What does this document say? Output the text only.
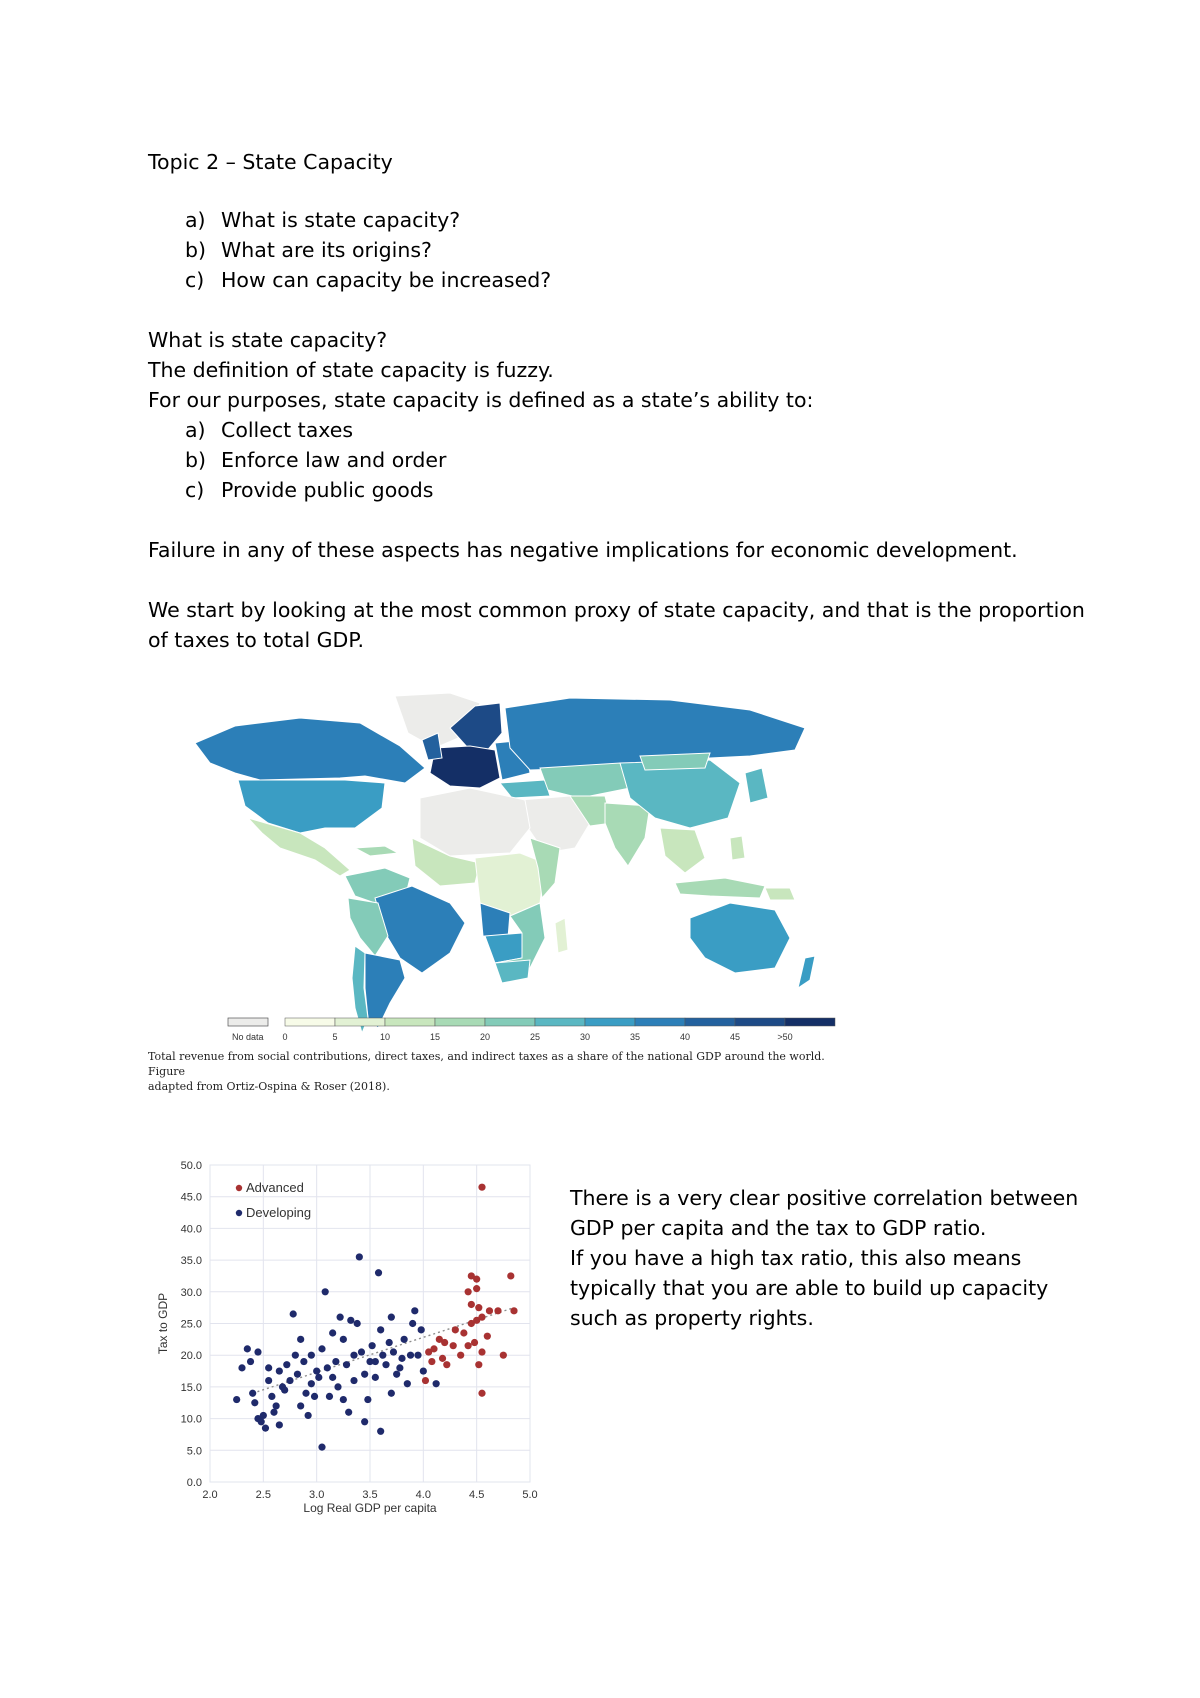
Topic 2 – State Capacity
a) What is state capacity?
b) What are its origins?
c) How can capacity be increased?
What is state capacity?
The definition of state capacity is fuzzy.
For our purposes, state capacity is defined as a state’s ability to:
a) Collect taxes
b) Enforce law and order
c) Provide public goods
Failure in any of these aspects has negative implications for economic development.
We start by looking at the most common proxy of state capacity, and that is the proportion
of taxes to total GDP.
No data 0	5	10	15	20	25	30	35	40	45	>50
Total revenue from social contributions, direct taxes, and indirect taxes as a share of the national GDP around the world. Figure
adapted from Ortiz-Ospina & Roser (2018).
0.0
5.0
10.0
15.0
20.0
25.0
30.0
35.0
40.0
45.0
50.0
2.0	2.5	3.0	3.5	4.0	4.5	5.0
Advanced
Developing
Log Real GDP per capita
Tax to GDP
There is a very clear positive correlation between
GDP per capita and the tax to GDP ratio.
If you have a high tax ratio, this also means
typically that you are able to build up capacity
such as property rights.
